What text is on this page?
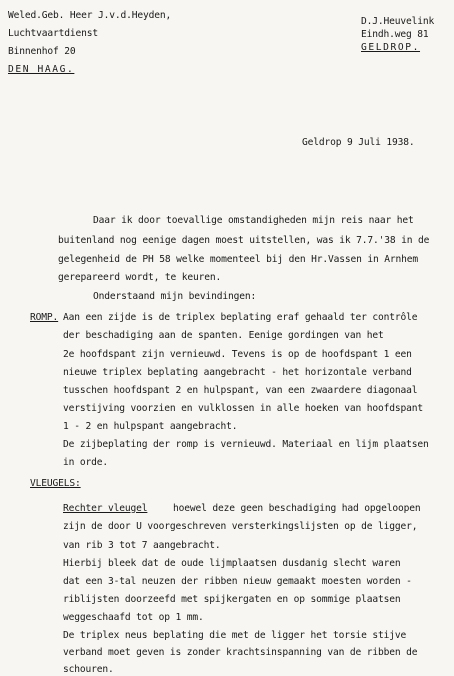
Weled.Geb. Heer J.v.d.Heyden,
Luchtvaartdienst
Binnenhof 20
DEN HAAG.
D.J.Heuvelink
Eindh.weg 81
GELDROP.
Geldrop 9 Juli 1938.
Daar ik door toevallige omstandigheden mijn reis naar het
buitenland nog eenige dagen moest uitstellen, was ik 7.7.'38 in de
gelegenheid de PH 58 welke momenteel bij den Hr.Vassen in Arnhem
gerepareerd wordt, te keuren.
Onderstaand mijn bevindingen:
ROMP. Aan een zijde is de triplex beplating eraf gehaald ter contrôle
der beschadiging aan de spanten. Eenige gordingen van het
2e hoofdspant zijn vernieuwd. Tevens is op de hoofdspant 1 een
nieuwe triplex beplating aangebracht - het horizontale verband
tusschen hoofdspant 2 en hulpspant, van een zwaardere diagonaal
verstijving voorzien en vulklossen in alle hoeken van hoofdspant
1 - 2 en hulpspant aangebracht.
De zijbeplating der romp is vernieuwd. Materiaal en lijm plaatsen
in orde.
VLEUGELS:
Rechter vleugel	hoewel deze geen beschadiging had opgeloopen
zijn de door U voorgeschreven versterkingslijsten op de ligger,
van rib 3 tot 7 aangebracht.
Hierbij bleek dat de oude lijmplaatsen dusdanig slecht waren
dat een 3-tal neuzen der ribben nieuw gemaakt moesten worden -
riblijsten doorzeefd met spijkergaten en op sommige plaatsen
weggeschaafd tot op 1 mm.
De triplex neus beplating die met de ligger het torsie stijve
verband moet geven is zonder krachtsinspanning van de ribben de
schouren.
